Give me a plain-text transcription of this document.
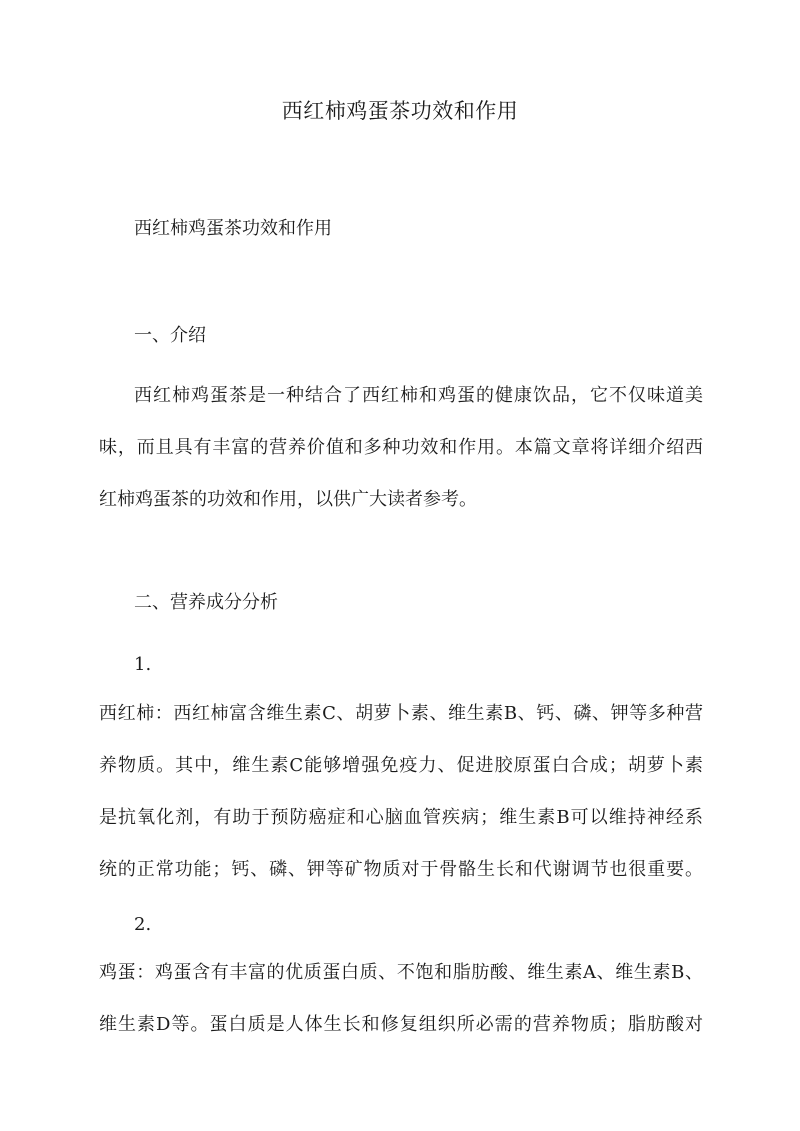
西红柿鸡蛋茶功效和作用

西红柿鸡蛋茶功效和作用

一、介绍

西红柿鸡蛋茶是一种结合了西红柿和鸡蛋的健康饮品，它不仅味道美
味，而且具有丰富的营养价值和多种功效和作用。本篇文章将详细介绍西
红柿鸡蛋茶的功效和作用，以供广大读者参考。

二、营养成分分析

1.

西红柿：西红柿富含维生素C、胡萝卜素、维生素B、钙、磷、钾等多种营
养物质。其中，维生素C能够增强免疫力、促进胶原蛋白合成；胡萝卜素
是抗氧化剂，有助于预防癌症和心脑血管疾病；维生素B可以维持神经系
统的正常功能；钙、磷、钾等矿物质对于骨骼生长和代谢调节也很重要。

2.

鸡蛋：鸡蛋含有丰富的优质蛋白质、不饱和脂肪酸、维生素A、维生素B、
维生素D等。蛋白质是人体生长和修复组织所必需的营养物质；脂肪酸对
